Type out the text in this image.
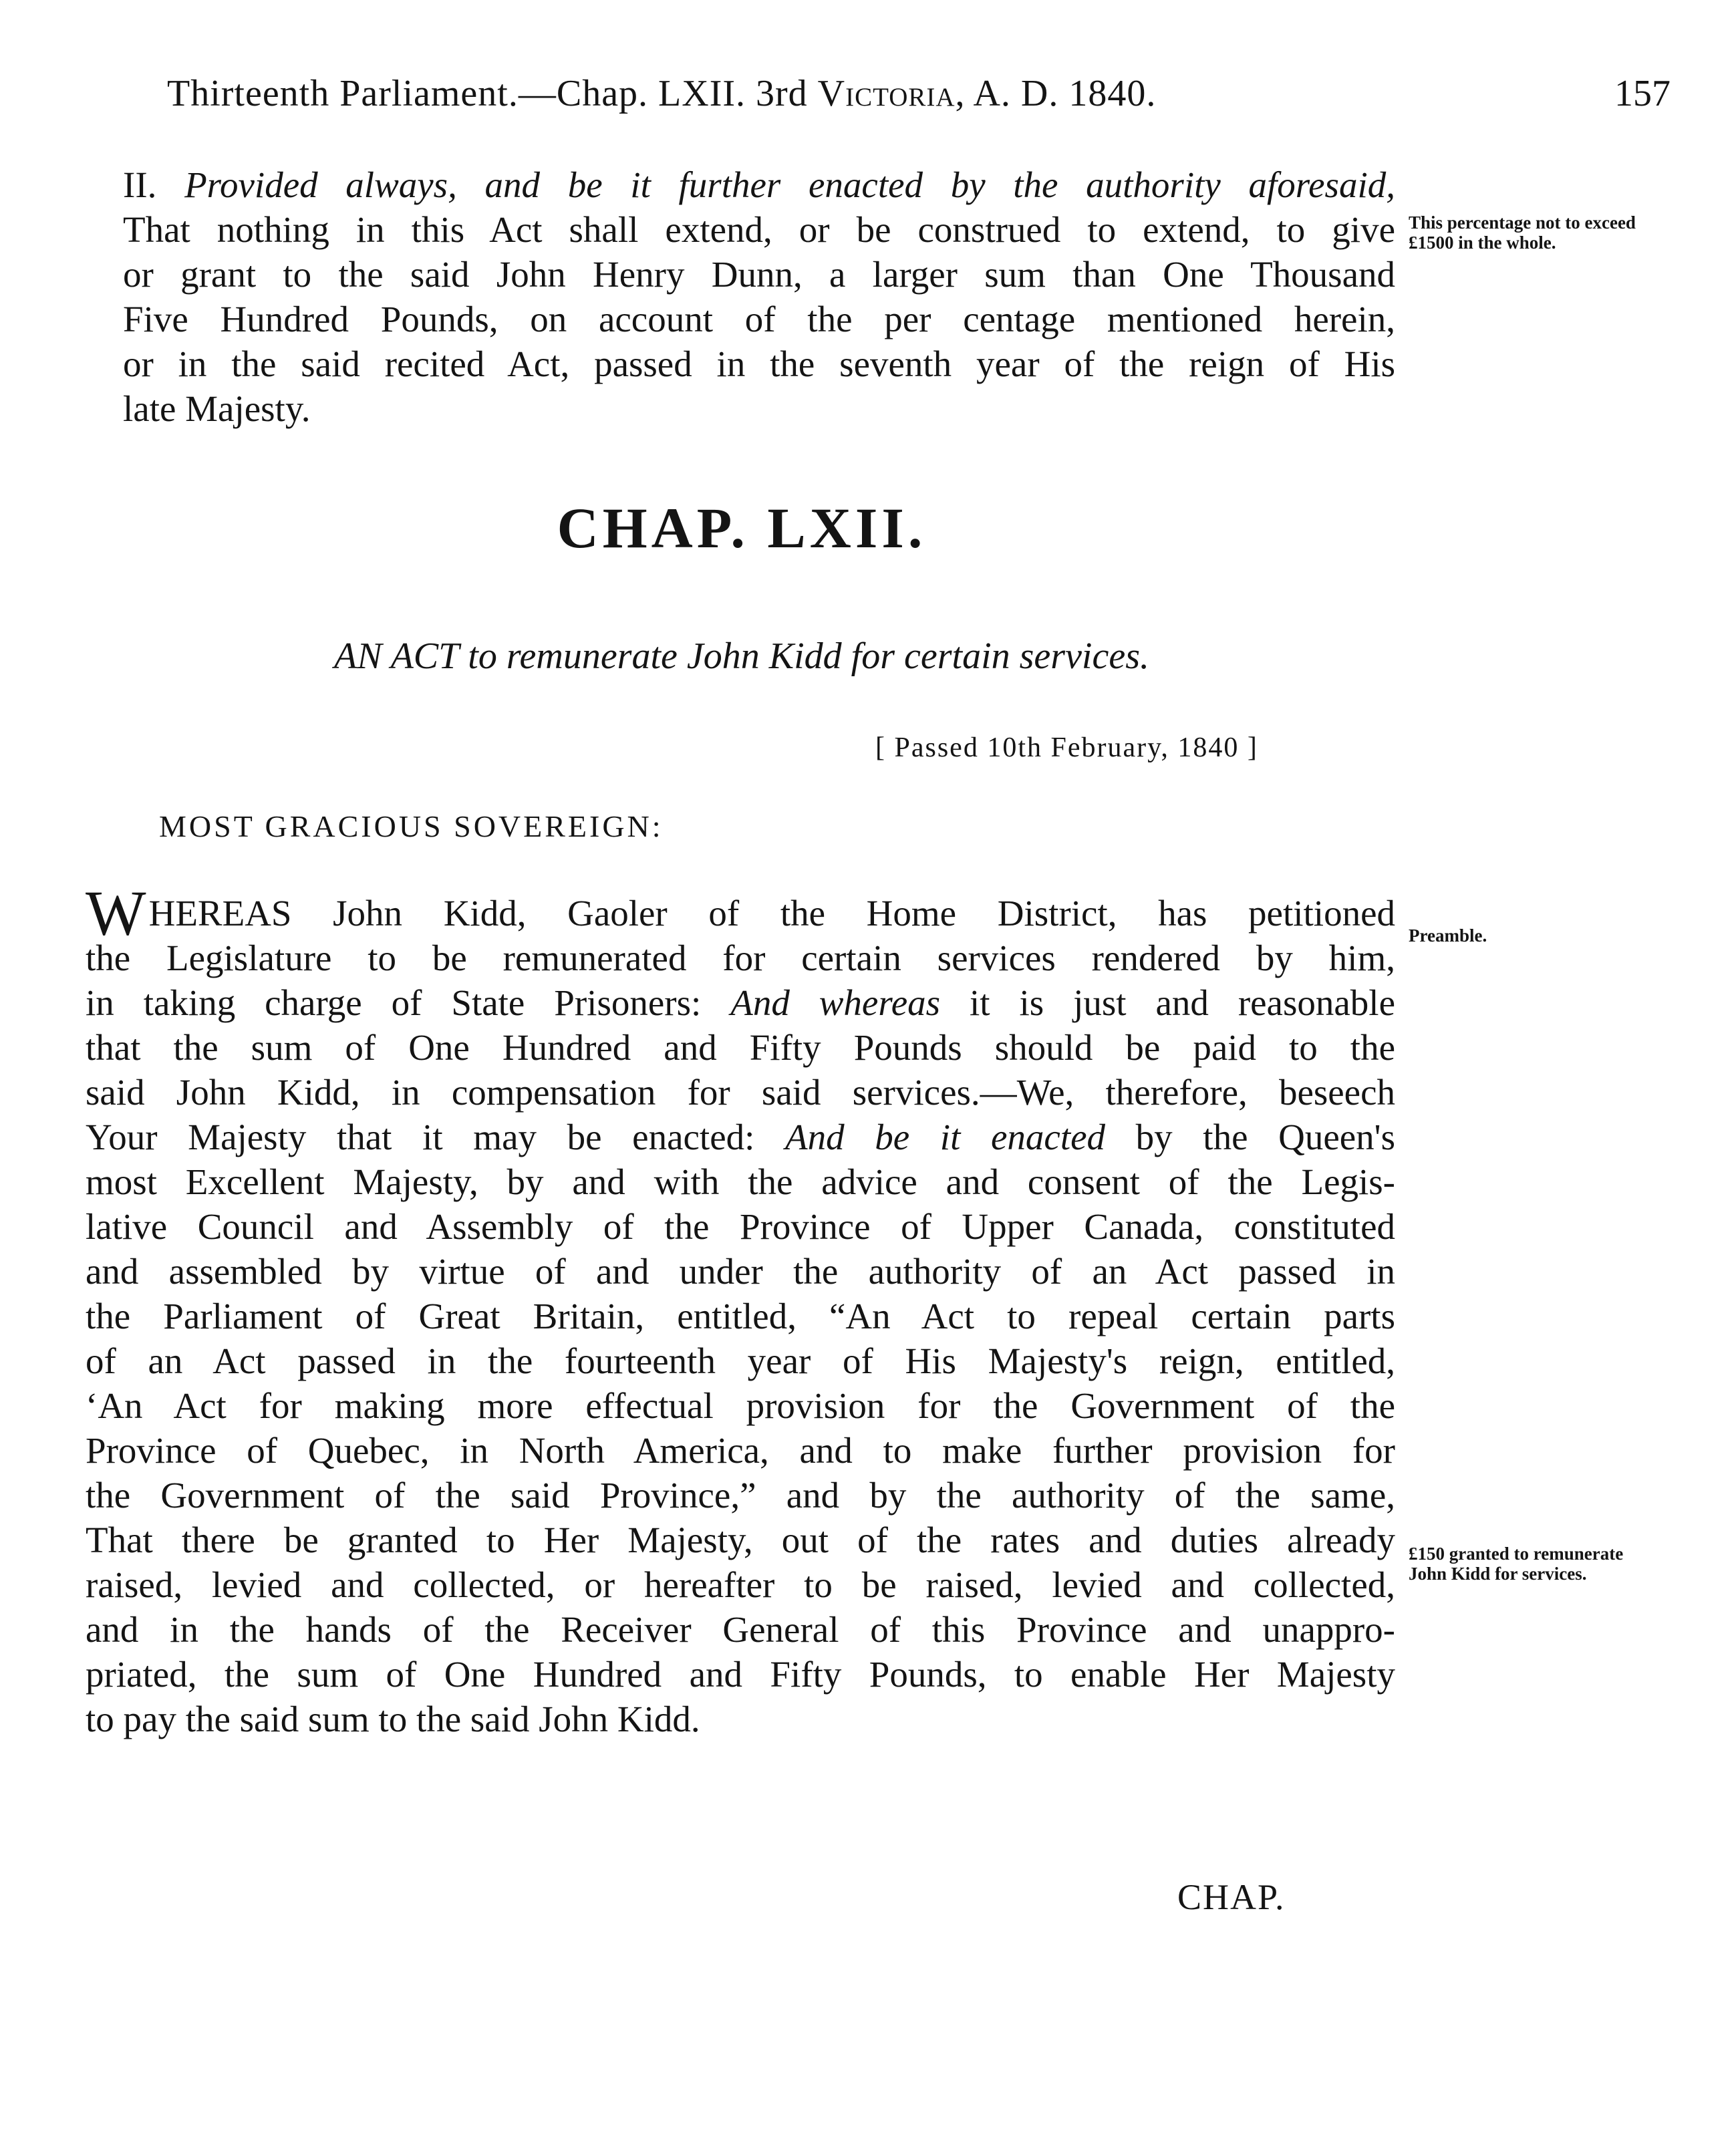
Thirteenth Parliament.—Chap. LXII. 3rd Victoria, A. D. 1840.	157
II. Provided always, and be it further enacted by the authority aforesaid,
That nothing in this Act shall extend, or be construed to extend, to give
or grant to the said John Henry Dunn, a larger sum than One Thousand
Five Hundred Pounds, on account of the per centage mentioned herein,
or in the said recited Act, passed in the seventh year of the reign of His
late Majesty.
This percentage not to exceed £1500 in the whole.
CHAP. LXII.
AN ACT to remunerate John Kidd for certain services.
[ Passed 10th February, 1840 ]
MOST GRACIOUS SOVEREIGN:
WHEREAS John Kidd, Gaoler of the Home District, has petitioned
the Legislature to be remunerated for certain services rendered by him,
in taking charge of State Prisoners: And whereas it is just and reasonable
that the sum of One Hundred and Fifty Pounds should be paid to the
said John Kidd, in compensation for said services.—We, therefore, beseech
Your Majesty that it may be enacted: And be it enacted by the Queen's
most Excellent Majesty, by and with the advice and consent of the Legis-
lative Council and Assembly of the Province of Upper Canada, constituted
and assembled by virtue of and under the authority of an Act passed in
the Parliament of Great Britain, entitled, “An Act to repeal certain parts
of an Act passed in the fourteenth year of His Majesty's reign, entitled,
‘An Act for making more effectual provision for the Government of the
Province of Quebec, in North America, and to make further provision for
the Government of the said Province,” and by the authority of the same,
That there be granted to Her Majesty, out of the rates and duties already
raised, levied and collected, or hereafter to be raised, levied and collected,
and in the hands of the Receiver General of this Province and unappro-
priated, the sum of One Hundred and Fifty Pounds, to enable Her Majesty
to pay the said sum to the said John Kidd.
Preamble.
£150 granted to remunerate John Kidd for services.
CHAP.
